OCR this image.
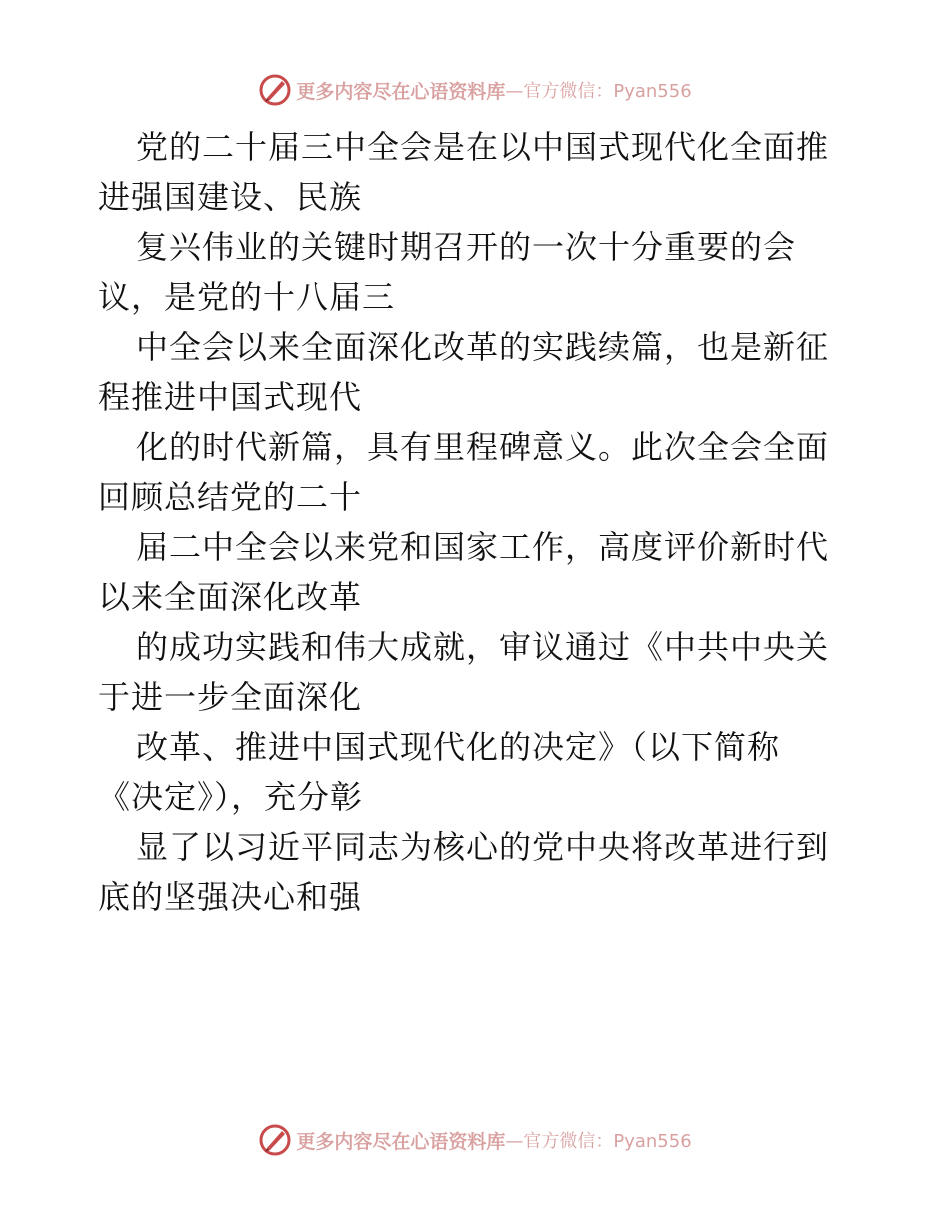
更多内容尽在心语资料库 —官方微信：Pyan556
党的二十届三中全会是在以中国式现代化全面推
进强国建设、民族
复兴伟业的关键时期召开的一次十分重要的会
议，是党的十八届三
中全会以来全面深化改革的实践续篇，也是新征
程推进中国式现代
化的时代新篇，具有里程碑意义。此次全会全面
回顾总结党的二十
届二中全会以来党和国家工作，高度评价新时代
以来全面深化改革
的成功实践和伟大成就，审议通过《中共中央关
于进一步全面深化
改革、推进中国式现代化的决定》（以下简称
《决定》），充分彰
显了以习近平同志为核心的党中央将改革进行到
底的坚强决心和强
更多内容尽在心语资料库 —官方微信：Pyan556
